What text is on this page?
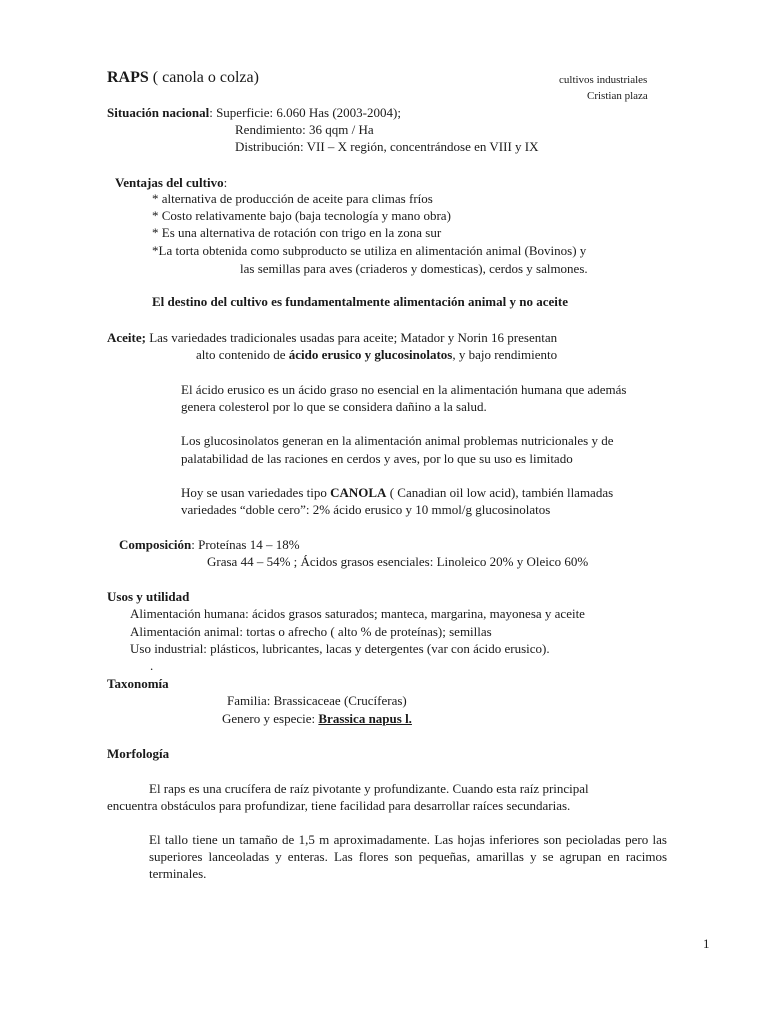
RAPS ( canola o colza)	cultivos industriales
Cristian plaza
Situación nacional: Superficie: 6.060 Has (2003-2004);
Rendimiento: 36 qqm / Ha
Distribución: VII – X región, concentrándose en VIII y IX
Ventajas del cultivo:
* alternativa de producción de aceite para climas fríos
* Costo relativamente bajo (baja tecnología y mano obra)
* Es una alternativa de rotación con trigo en la zona sur
*La torta obtenida como subproducto se utiliza en alimentación animal (Bovinos) y
las semillas para aves (criaderos y domesticas), cerdos y salmones.
El destino del cultivo es fundamentalmente alimentación animal y no aceite
Aceite; Las variedades tradicionales usadas para aceite; Matador y Norin 16 presentan
alto contenido de ácido erusico y glucosinolatos, y bajo rendimiento
El ácido erusico es un ácido graso no esencial en la alimentación humana que además
genera colesterol por lo que se considera dañino a la salud.
Los glucosinolatos generan en la alimentación animal problemas nutricionales y de
palatabilidad de las raciones en cerdos y aves, por lo que su uso es limitado
Hoy se usan variedades tipo CANOLA ( Canadian oil low acid), también llamadas
variedades “doble cero”: 2% ácido erusico y 10 mmol/g glucosinolatos
Composición: Proteínas 14 – 18%
Grasa 44 – 54% ; Ácidos grasos esenciales: Linoleico 20% y Oleico 60%
Usos y utilidad
Alimentación humana: ácidos grasos saturados; manteca, margarina, mayonesa y aceite
Alimentación animal: tortas o afrecho ( alto % de proteínas); semillas
Uso industrial: plásticos, lubricantes, lacas y detergentes (var con ácido erusico).
.
Taxonomía
Familia: Brassicaceae (Crucíferas)
Genero y especie: Brassica napus l.
Morfología
El raps es una crucífera de raíz pivotante y profundizante. Cuando esta raíz principal
encuentra obstáculos para profundizar, tiene facilidad para desarrollar raíces secundarias.
El tallo tiene un tamaño de 1,5 m aproximadamente. Las hojas inferiores son pecioladas pero las superiores lanceoladas y enteras. Las flores son pequeñas, amarillas y se agrupan en racimos terminales.
1
